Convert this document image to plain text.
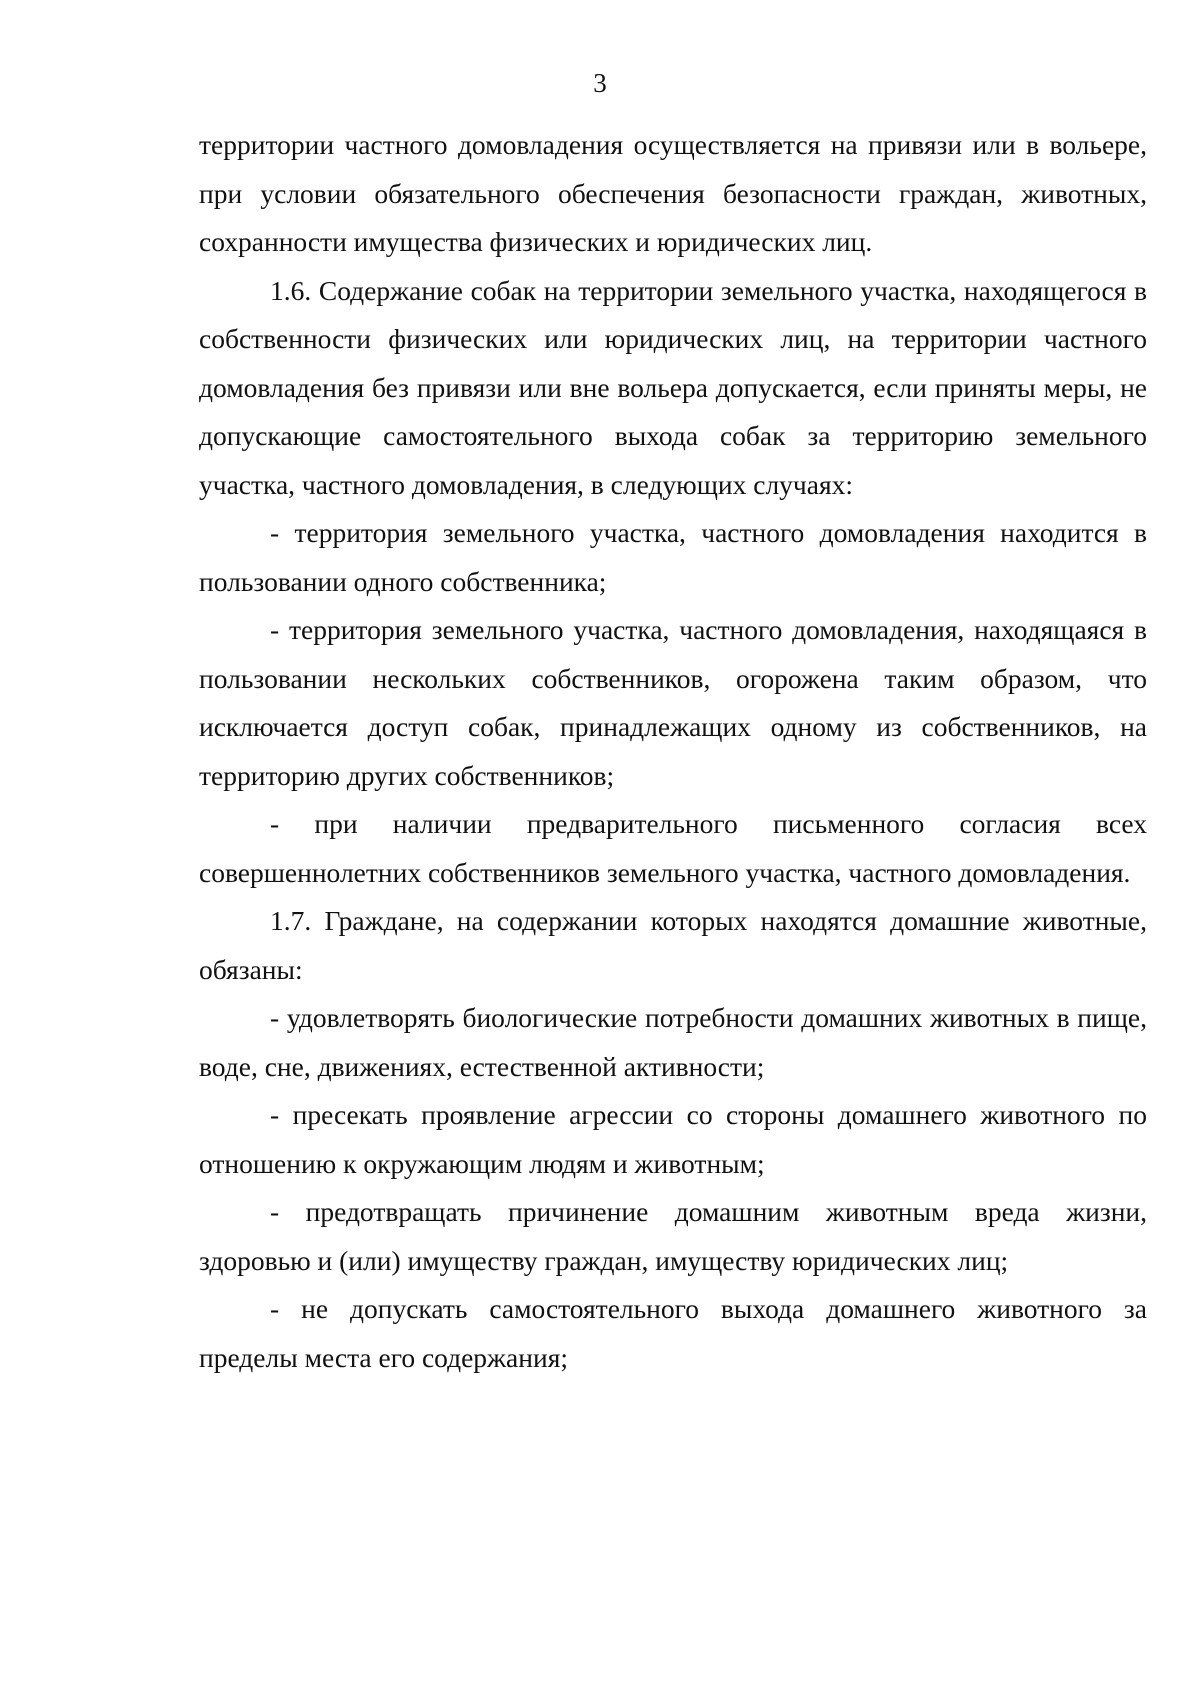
3

территории частного домовладения осуществляется на привязи или в вольере, при условии обязательного обеспечения безопасности граждан, животных, сохранности имущества физических и юридических лиц.

1.6. Содержание собак на территории земельного участка, находящегося в собственности физических или юридических лиц, на территории частного домовладения без привязи или вне вольера допускается, если приняты меры, не допускающие самостоятельного выхода собак за территорию земельного участка, частного домовладения, в следующих случаях:

- территория земельного участка, частного домовладения находится в пользовании одного собственника;

- территория земельного участка, частного домовладения, находящаяся в пользовании нескольких собственников, огорожена таким образом, что исключается доступ собак, принадлежащих одному из собственников, на территорию других собственников;

- при наличии предварительного письменного согласия всех совершеннолетних собственников земельного участка, частного домовладения.

1.7. Граждане, на содержании которых находятся домашние животные, обязаны:

- удовлетворять биологические потребности домашних животных в пище, воде, сне, движениях, естественной активности;

- пресекать проявление агрессии со стороны домашнего животного по отношению к окружающим людям и животным;

- предотвращать причинение домашним животным вреда жизни, здоровью и (или) имуществу граждан, имуществу юридических лиц;

- не допускать самостоятельного выхода домашнего животного за пределы места его содержания;
